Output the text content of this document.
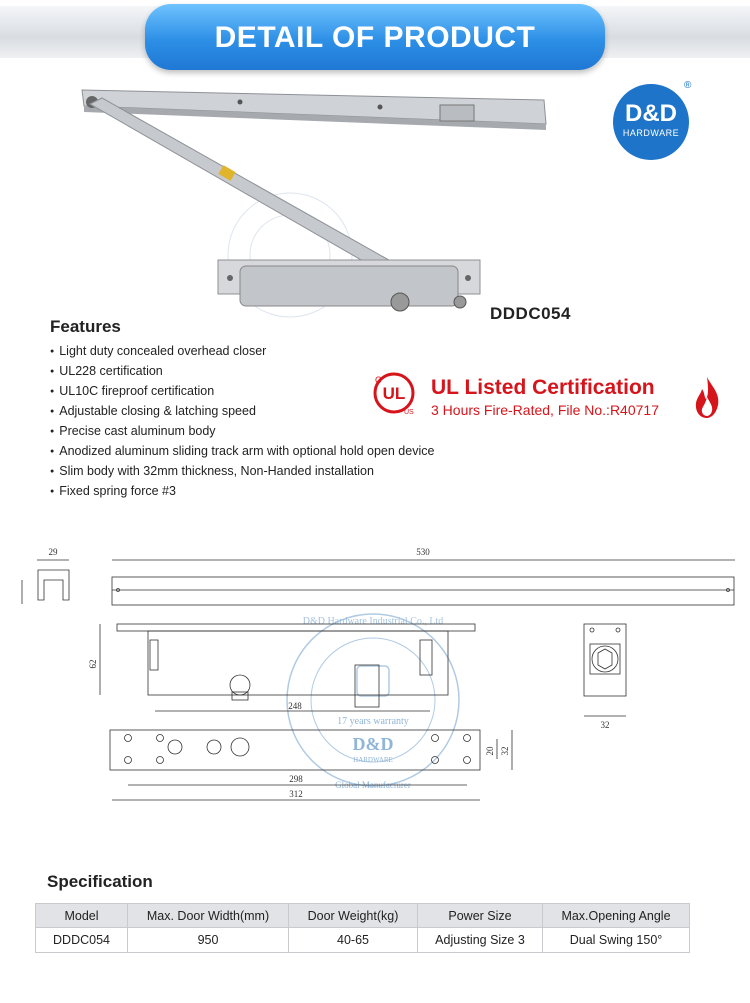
DETAIL OF PRODUCT
D&D
HARDWARE
®
DDDC054
Features
● Light duty concealed overhead closer
● UL228 certification
● UL10C fireproof certification
● Adjustable closing & latching speed
● Precise cast aluminum body
● Anodized aluminum sliding track arm with optional hold open device
● Slim body with 32mm thickness, Non-Handed installation
● Fixed spring force #3
UL
C
US
UL Listed Certification
3 Hours Fire-Rated, File No.:R40717
D&D Hardware Industrial Co., Ltd
17 years warranty
D&D
HARDWARE
Global Manufacturer
29	530
62
248
32
298
312
20 32
Specification
Model	Max. Door Width(mm)	Door Weight(kg)	Power Size	Max.Opening Angle
DDDC054	950	40-65	Adjusting Size 3	Dual Swing 150°
